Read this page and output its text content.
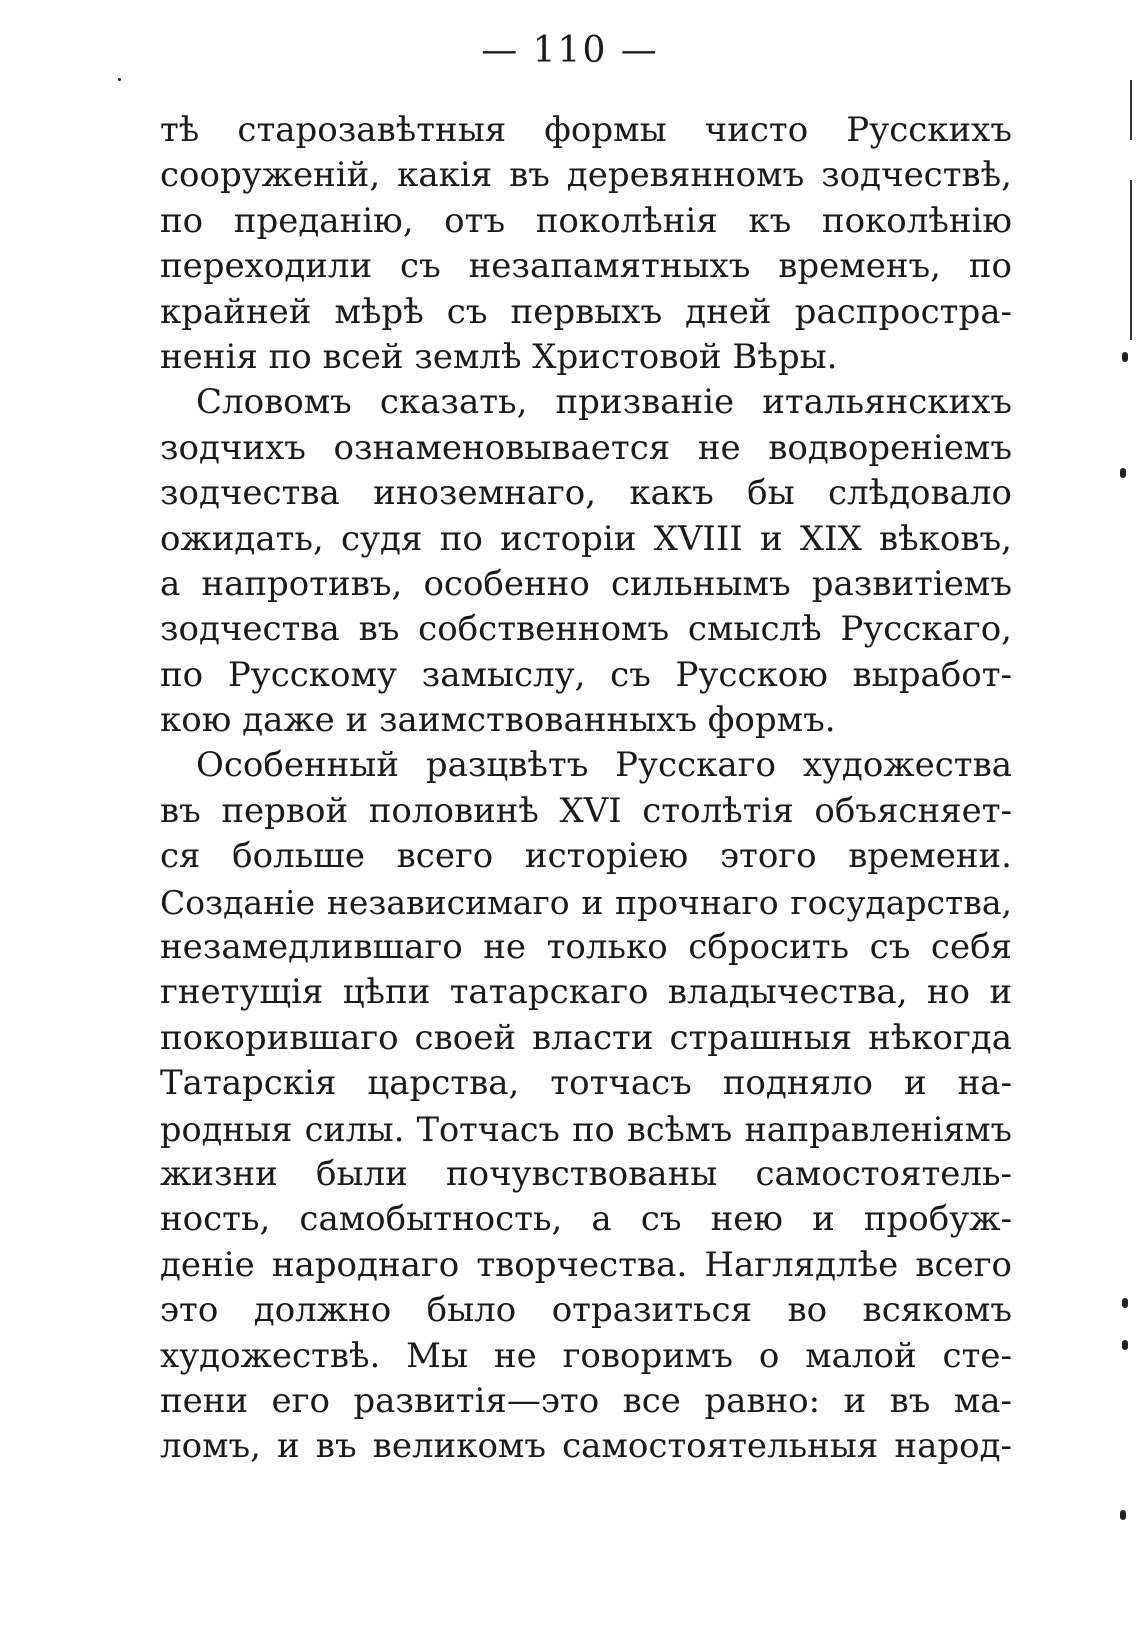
— 110 —
тѣ старозавѣтныя формы чисто Русскихъ
сооруженій, какія въ деревянномъ зодчествѣ,
по преданію, отъ поколѣнія къ поколѣнію
переходили съ незапамятныхъ временъ, по
крайней мѣрѣ съ первыхъ дней распростра-
ненія по всей землѣ Христовой Вѣры.
Словомъ сказать, призваніе итальянскихъ
зодчихъ ознаменовывается не водвореніемъ
зодчества иноземнаго, какъ бы слѣдовало
ожидать, судя по исторіи XVIII и XIX вѣковъ,
а напротивъ, особенно сильнымъ развитіемъ
зодчества въ собственномъ смыслѣ Русскаго,
по Русскому замыслу, съ Русскою выработ-
кою даже и заимствованныхъ формъ.
Особенный разцвѣтъ Русскаго художества
въ первой половинѣ XVI столѣтія объясняет-
ся больше всего исторіею этого времени.
Созданіе независимаго и прочнаго государства,
незамедлившаго не только сбросить съ себя
гнетущія цѣпи татарскаго владычества, но и
покорившаго своей власти страшныя нѣкогда
Татарскія царства, тотчасъ подняло и на-
родныя силы. Тотчасъ по всѣмъ направленіямъ
жизни были почувствованы самостоятель-
ность, самобытность, а съ нею и пробуж-
деніе народнаго творчества. Наглядлѣе всего
это должно было отразиться во всякомъ
художествѣ. Мы не говоримъ о малой сте-
пени его развитія—это все равно: и въ ма-
ломъ, и въ великомъ самостоятельныя народ-
